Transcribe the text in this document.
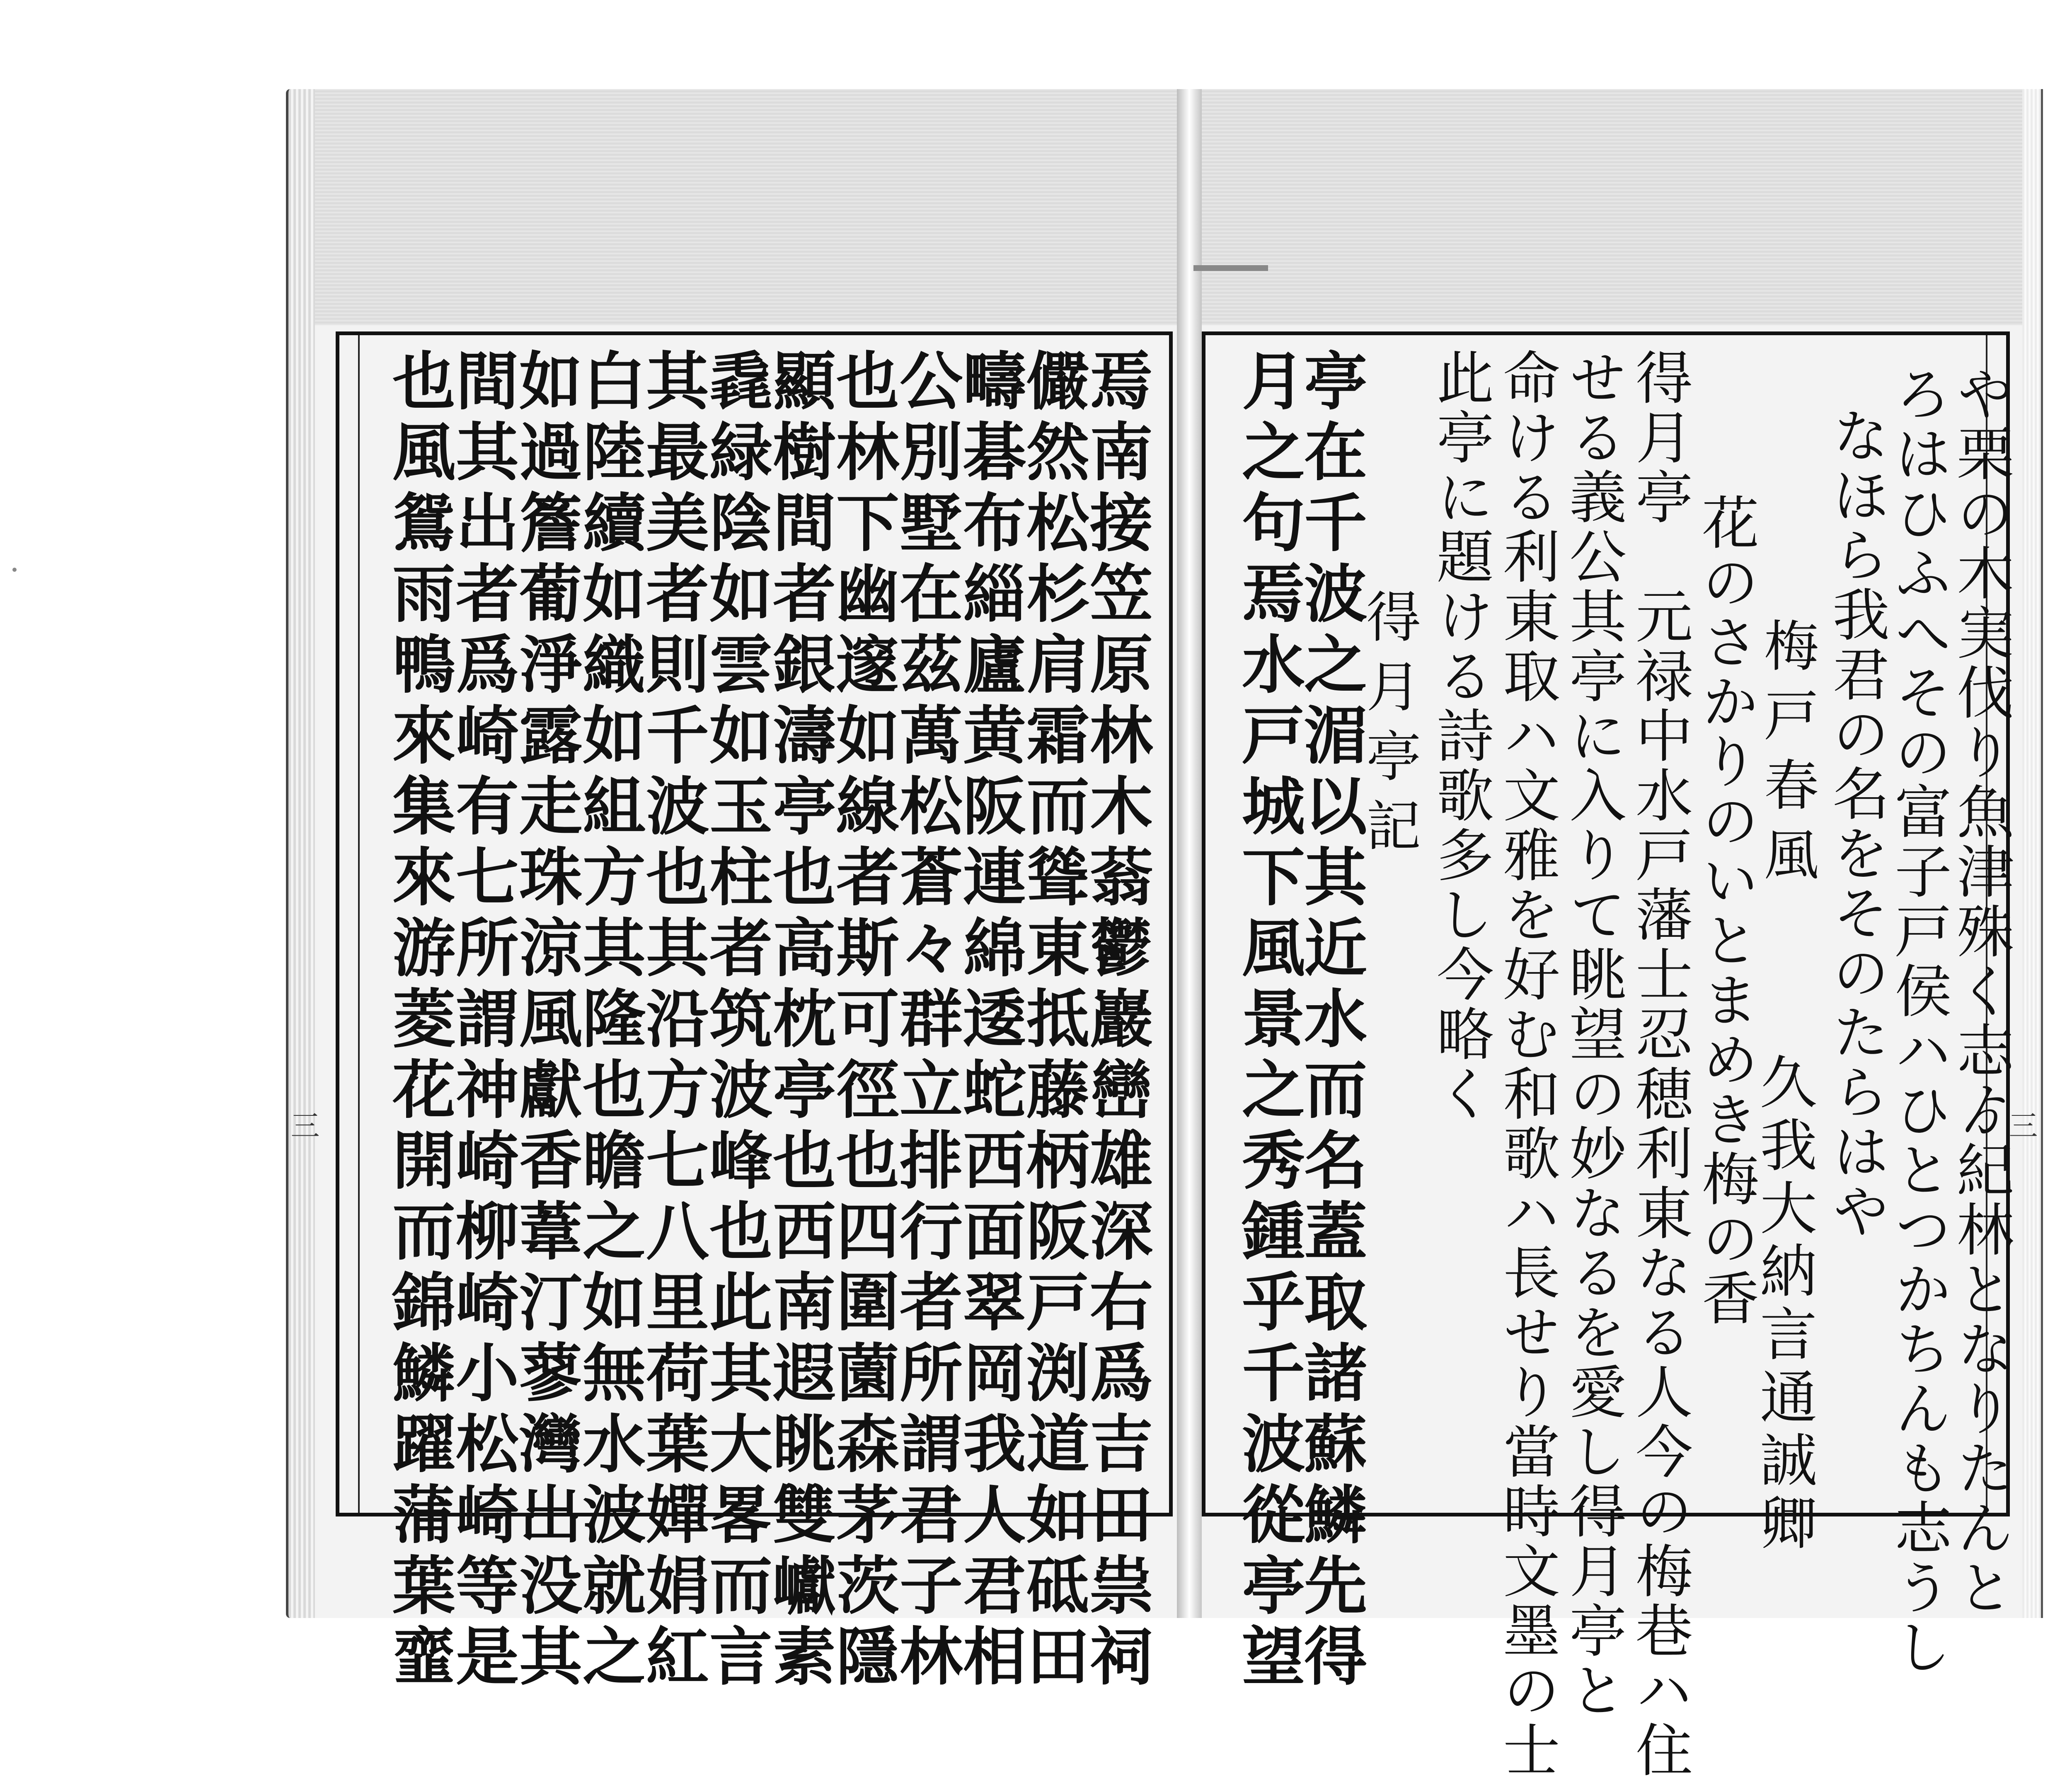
也風鴛雨鴨來集來游菱花開而錦鱗躍蒲葉韲
間其出者爲崎有七所謂神崎柳崎小松崎等是
如過簷葡淨露走珠涼風獻香葦汀蓼灣出没其
白陸續如織如組方其隆也瞻之如無水波就之
其最美者則千波也其沿方七八里荷葉嬋娟紅
毳緑陰如雲如玉柱者筑波峰也此其大畧而言
顯樹間者銀濤亭也高枕亭也西南遐眺雙巘素
也林下幽邃如線者斯可徑也四圍薗森茅茨隱
公別墅在茲萬松蒼々群立排行者所謂君子林
疇碁布緇廬黄阪連綿逶蛇西面翠岡我人君相
儼然松杉肩霜而聳東抵藤柄阪戸渕道如砥田
焉南接笠原林木蓊鬱巖巒雄深右爲吉田祟祠 月之句焉水戸城下風景之秀鍾乎千波從亭望
亭在千波之湄以其近水而名蓋取諸蘇鱗先得
得月亭記 此亭に題ける詩歌多し今略く 命ける利東取ハ文雅を好む和歌ハ長せり當時文墨の士 せる義公其亭に入りて眺望の妙なるを愛し得月亭と 得月亭　元禄中水戸藩士忍穂利東なる人今の梅巷ハ住 花のさかりのいとまめき梅の香
梅戸春風
久我大納言通誠卿
なほら我君の名をそのたらはや
ろはひふへその富子戸侯ハひとつかちんも志うし
や栗の木実伐り魚津殊く志ゟ紀林となりたんと
三	三
